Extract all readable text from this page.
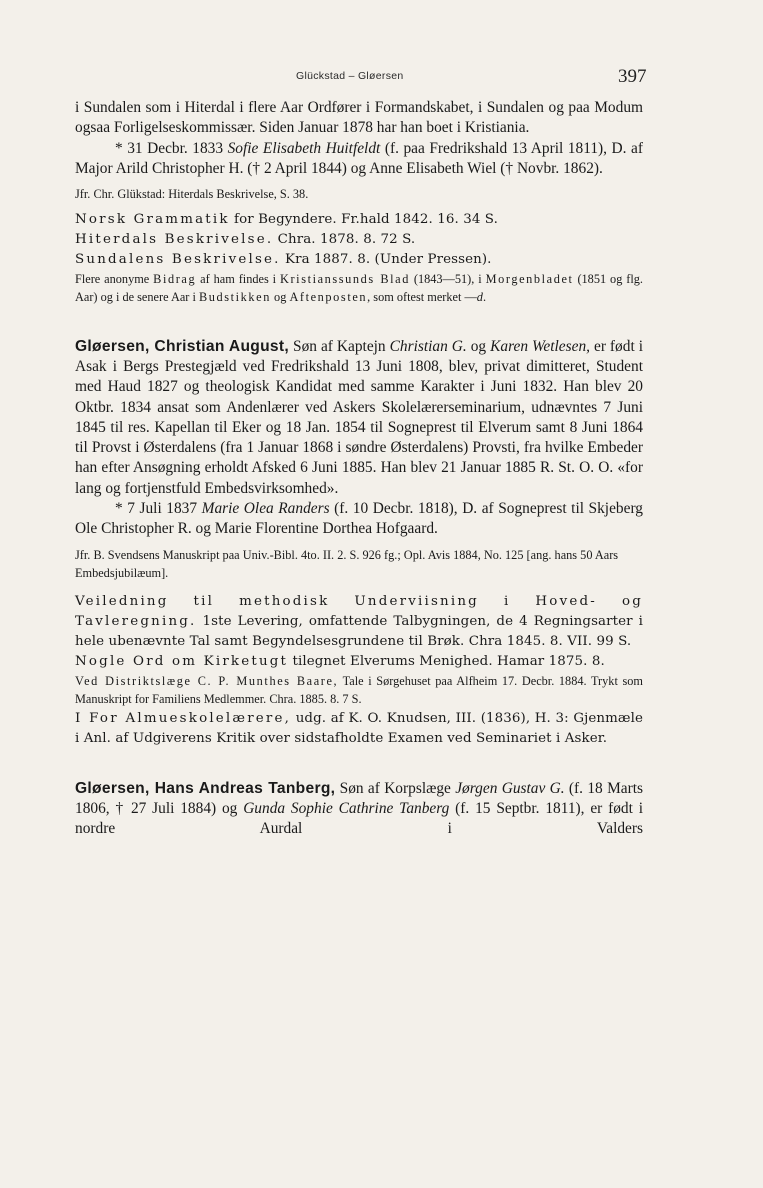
Glückstad – Gløersen	397

i Sundalen som i Hiterdal i flere Aar Ordfører i Formandskabet, i Sundalen og paa Modum ogsaa Forligelseskommissær. Siden Januar 1878 har han boet i Kristiania.

* 31 Decbr. 1833 Sofie Elisabeth Huitfeldt (f. paa Fredrikshald 13 April 1811), D. af Major Arild Christopher H. († 2 April 1844) og Anne Elisabeth Wiel († Novbr. 1862).

Jfr. Chr. Glükstad: Hiterdals Beskrivelse, S. 38.

Norsk Grammatik for Begyndere. Fr.hald 1842. 16. 34 S.

Hiterdals Beskrivelse. Chra. 1878. 8. 72 S.

Sundalens Beskrivelse. Kra 1887. 8. (Under Pressen).

Flere anonyme Bidrag af ham findes i Kristianssunds Blad (1843—51), i Morgenbladet (1851 og flg. Aar) og i de senere Aar i Budstikken og Aftenposten, som oftest merket —d.

Gløersen, Christian August, Søn af Kaptejn Christian G. og Karen Wetlesen, er født i Asak i Bergs Prestegjæld ved Fredrikshald 13 Juni 1808, blev, privat dimitteret, Student med Haud 1827 og theologisk Kandidat med samme Karakter i Juni 1832. Han blev 20 Oktbr. 1834 ansat som Andenlærer ved Askers Skolelærerseminarium, udnævntes 7 Juni 1845 til res. Kapellan til Eker og 18 Jan. 1854 til Sogneprest til Elverum samt 8 Juni 1864 til Provst i Østerdalens (fra 1 Januar 1868 i søndre Østerdalens) Provsti, fra hvilke Embeder han efter Ansøgning erholdt Afsked 6 Juni 1885. Han blev 21 Januar 1885 R. St. O. O. «for lang og fortjenstfuld Embedsvirksomhed».

* 7 Juli 1837 Marie Olea Randers (f. 10 Decbr. 1818), D. af Sogneprest til Skjeberg Ole Christopher R. og Marie Florentine Dorthea Hofgaard.

Jfr. B. Svendsens Manuskript paa Univ.-Bibl. 4to. II. 2. S. 926 fg.; Opl. Avis 1884, No. 125 [ang. hans 50 Aars Embedsjubilæum].

Veiledning til methodisk Underviisning i Hoved- og Tavleregning. 1ste Levering, omfattende Talbygningen, de 4 Regningsarter i hele ubenævnte Tal samt Begyndelsesgrundene til Brøk. Chra 1845. 8. VII. 99 S.

Nogle Ord om Kirketugt tilegnet Elverums Menighed. Hamar 1875. 8.

Ved Distriktslæge C. P. Munthes Baare, Tale i Sørgehuset paa Alfheim 17. Decbr. 1884. Trykt som Manuskript for Familiens Medlemmer. Chra. 1885. 8. 7 S.

I For Almueskolelærere, udg. af K. O. Knudsen, III. (1836), H. 3: Gjenmæle i Anl. af Udgiverens Kritik over sidstafholdte Examen ved Seminariet i Asker.

Gløersen, Hans Andreas Tanberg, Søn af Korpslæge Jørgen Gustav G. (f. 18 Marts 1806, † 27 Juli 1884) og Gunda Sophie Cathrine Tanberg (f. 15 Septbr. 1811), er født i nordre Aurdal i Valders
